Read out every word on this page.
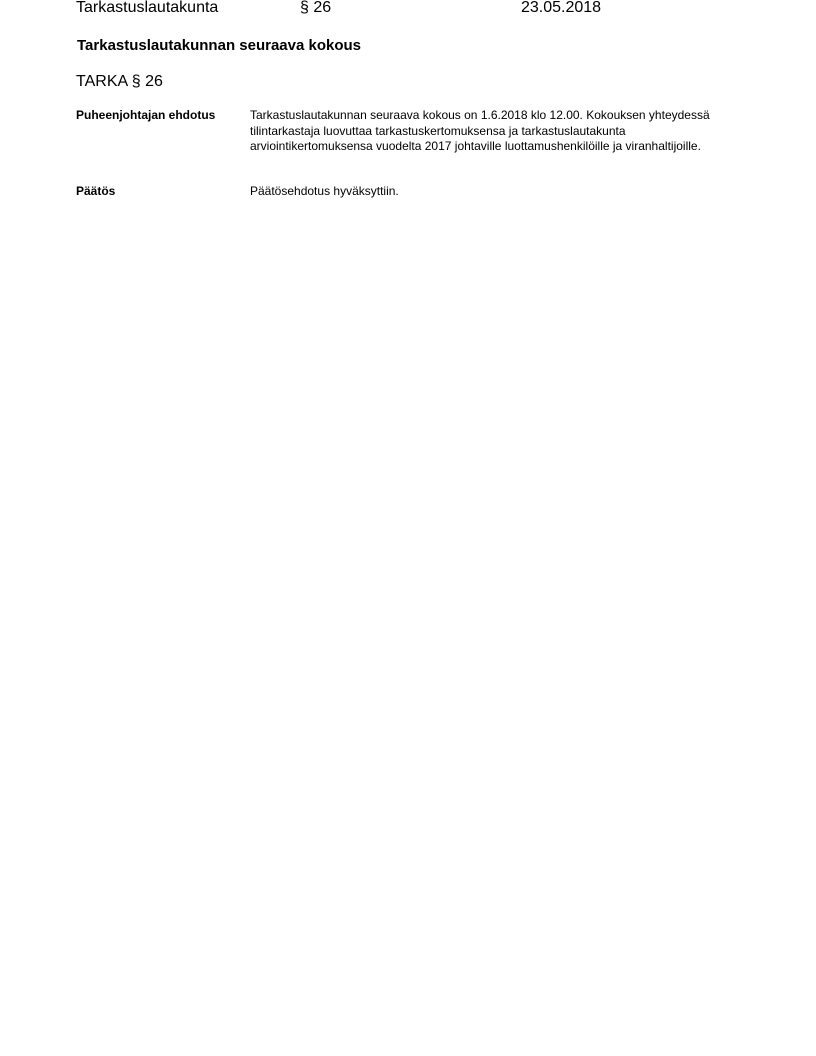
Tarkastuslautakunta	§ 26	23.05.2018
Tarkastuslautakunnan seuraava kokous
TARKA § 26
Puheenjohtajan ehdotus	Tarkastuslautakunnan seuraava kokous on 1.6.2018 klo 12.00. Kokouksen yhteydessä tilintarkastaja luovuttaa tarkastuskertomuksensa ja tarkastuslautakunta arviointikertomuksensa vuodelta 2017 johtaville luottamushenkilöille ja viranhaltijoille.
Päätös	Päätösehdotus hyväksyttiin.
